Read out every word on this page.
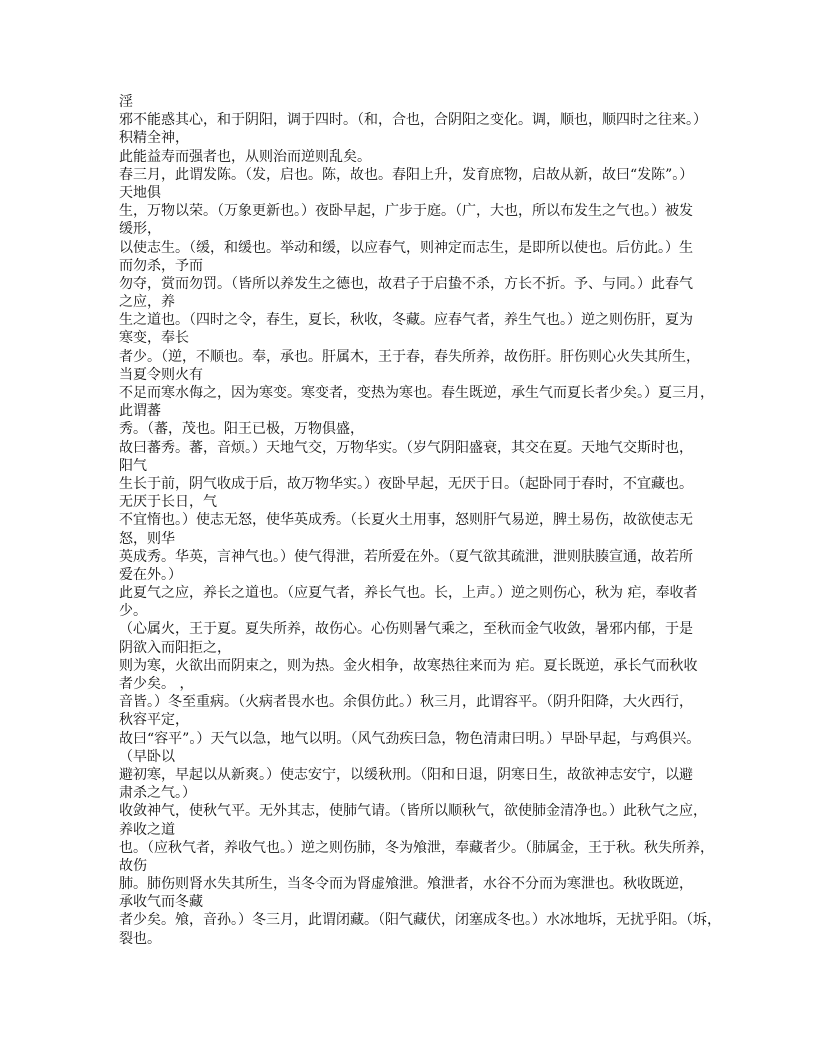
淫
邪不能惑其心，和于阴阳，调于四时。（和，合也，合阴阳之变化。调，顺也，顺四时之往来。）
积精全神，
此能益寿而强者也，从则治而逆则乱矣。
春三月，此谓发陈。（发，启也。陈，故也。春阳上升，发育庶物，启故从新，故曰“发陈”。）
天地俱
生，万物以荣。（万象更新也。）夜卧早起，广步于庭。（广，大也，所以布发生之气也。）被发
缓形，
以使志生。（缓，和缓也。举动和缓，以应春气，则神定而志生，是即所以使也。后仿此。）生
而勿杀，予而
勿夺，赏而勿罚。（皆所以养发生之德也，故君子于启蛰不杀，方长不折。予、与同。）此春气
之应，养
生之道也。（四时之令，春生，夏长，秋收，冬藏。应春气者，养生气也。）逆之则伤肝，夏为
寒变，奉长
者少。（逆，不顺也。奉，承也。肝属木，王于春，春失所养，故伤肝。肝伤则心火失其所生，
当夏令则火有
不足而寒水侮之，因为寒变。寒变者，变热为寒也。春生既逆，承生气而夏长者少矣。）夏三月，
此谓蕃
秀。（蕃，茂也。阳王已极，万物俱盛，
故曰蕃秀。蕃，音烦。）天地气交，万物华实。（岁气阴阳盛衰，其交在夏。天地气交斯时也，
阳气
生长于前，阴气收成于后，故万物华实。）夜卧早起，无厌于日。（起卧同于春时，不宜藏也。
无厌于长日，气
不宜惰也。）使志无怒，使华英成秀。（长夏火土用事，怒则肝气易逆，脾土易伤，故欲使志无
怒，则华
英成秀。华英，言神气也。）使气得泄，若所爱在外。（夏气欲其疏泄，泄则肤腠宣通，故若所
爱在外。）
此夏气之应，养长之道也。（应夏气者，养长气也。长，上声。）逆之则伤心，秋为 疟，奉收者
少。
（心属火，王于夏。夏失所养，故伤心。心伤则暑气乘之，至秋而金气收敛，暑邪内郁，于是
阴欲入而阳拒之，
则为寒，火欲出而阴束之，则为热。金火相争，故寒热往来而为 疟。夏长既逆，承长气而秋收
者少矣。 ，
音皆。）冬至重病。（火病者畏水也。余俱仿此。）秋三月，此谓容平。（阴升阳降，大火西行，
秋容平定，
故曰“容平”。）天气以急，地气以明。（风气劲疾曰急，物色清肃曰明。）早卧早起，与鸡俱兴。
（早卧以
避初寒，早起以从新爽。）使志安宁，以缓秋刑。（阳和日退，阴寒日生，故欲神志安宁，以避
肃杀之气。）
收敛神气，使秋气平。无外其志，使肺气请。（皆所以顺秋气，欲使肺金清净也。）此秋气之应，
养收之道
也。（应秋气者，养收气也。）逆之则伤肺，冬为飧泄，奉藏者少。（肺属金，王于秋。秋失所养，
故伤
肺。肺伤则肾水失其所生，当冬令而为肾虚飧泄。飧泄者，水谷不分而为寒泄也。秋收既逆，
承收气而冬藏
者少矣。飧，音孙。）冬三月，此谓闭藏。（阳气藏伏，闭塞成冬也。）水冰地坼，无扰乎阳。（坼，
裂也。
